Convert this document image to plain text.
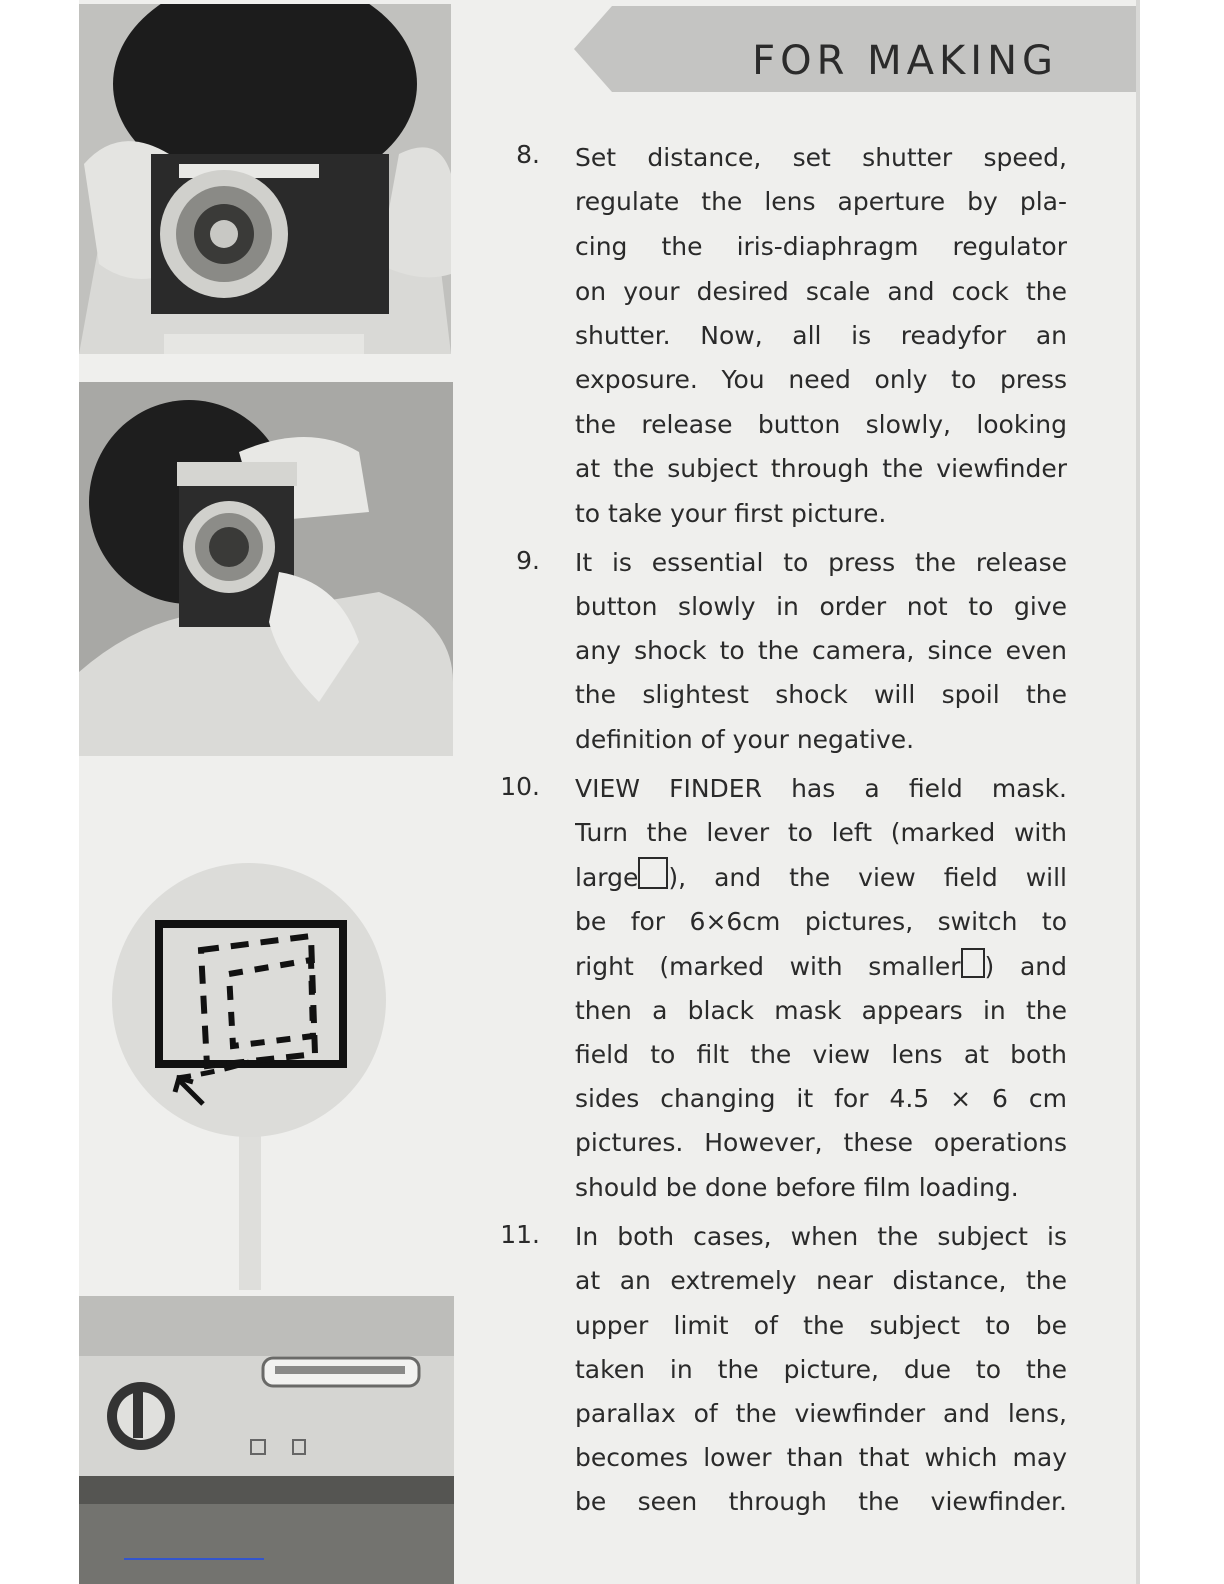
FOR MAKING
8.
9.
10.
11.
Set distance, set shutter speed,
regulate the lens aperture by pla-
cing the iris-diaphragm regulator
on your desired scale and cock the
shutter. Now, all is readyfor an
exposure. You need only to press
the release button slowly, looking
at the subject through the viewfinder
to take your first picture.
It is essential to press the release
button slowly in order not to give
any shock to the camera, since even
the slightest shock will spoil the
definition of your negative.
VIEW FINDER has a field mask.
Turn the lever to left (marked with
large ), and the view field will
be for 6×6cm pictures, switch to
right (marked with smaller ) and
then a black mask appears in the
field to filt the view lens at both
sides changing it for 4.5 × 6 cm
pictures. However, these operations
should be done before film loading.
In both cases, when the subject is
at an extremely near distance, the
upper limit of the subject to be
taken in the picture, due to the
parallax of the viewfinder and lens,
becomes lower than that which may
be seen through the viewfinder.
